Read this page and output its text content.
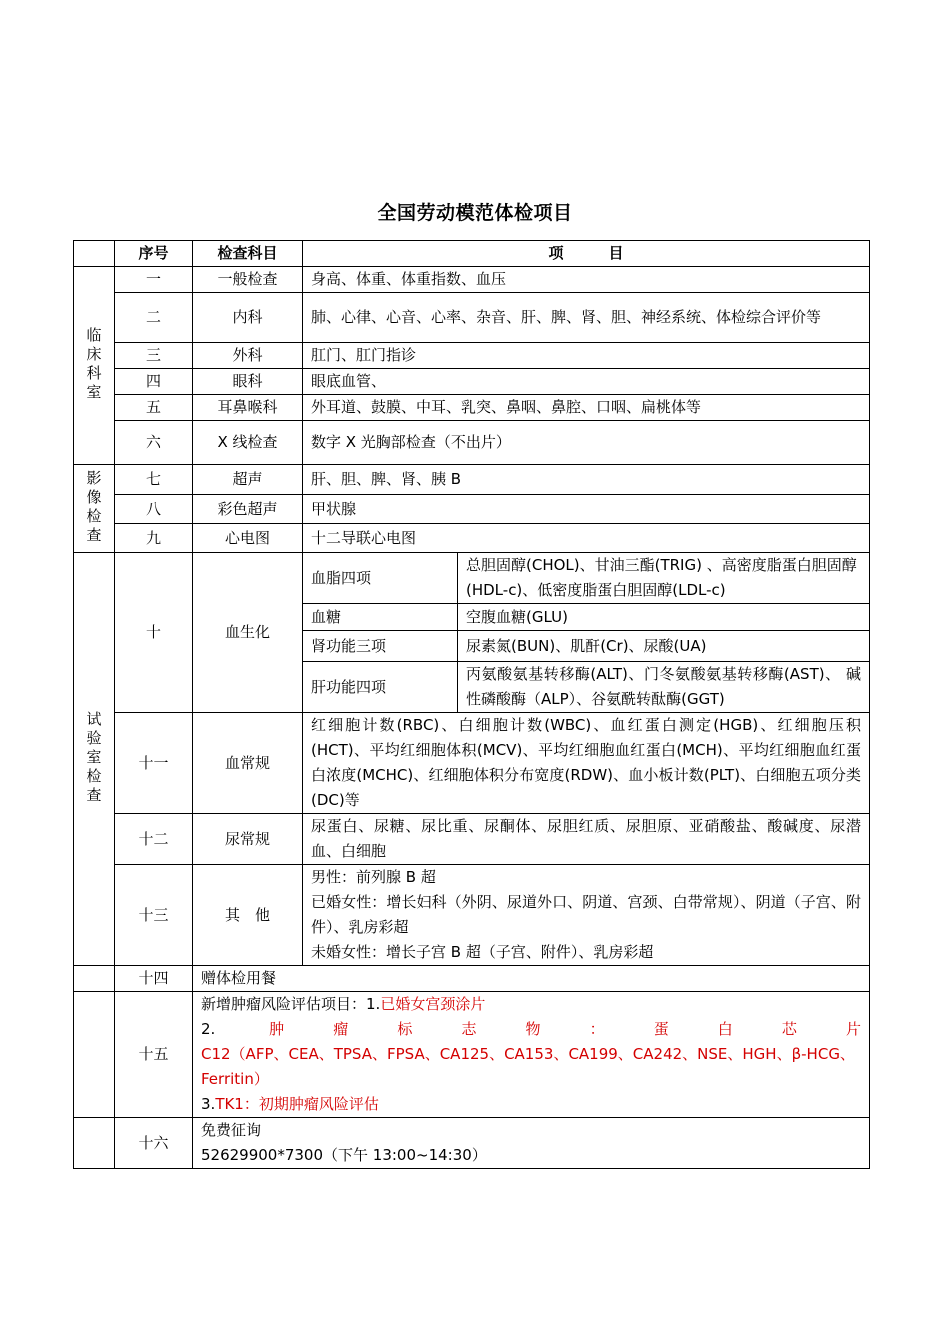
全国劳动模范体检项目
	序号	检查科目	项　　　目	
临床科室	一	一般检查	身高、体重、体重指数、血压	
	二	内科	肺、心律、心音、心率、杂音、肝、脾、肾、胆、神经系统、体检综合评价等	
	三	外科	肛门、肛门指诊	
	四	眼科	眼底血管、	
	五	耳鼻喉科	外耳道、鼓膜、中耳、乳突、鼻咽、鼻腔、口咽、扁桃体等	
	六	X 线检查	数字 X 光胸部检查（不出片）	
影像检查	七	超声	肝、胆、脾、肾、胰 B	
	八	彩色超声	甲状腺	
	九	心电图	十二导联心电图	
试验室检查	十	血生化	血脂四项	总胆固醇(CHOL)、甘油三酯(TRIG) 、高密度脂蛋白胆固醇(HDL-c)、低密度脂蛋白胆固醇(LDL-c)
			血糖	空腹血糖(GLU)
			肾功能三项	尿素氮(BUN)、肌酐(Cr)、尿酸(UA)
			肝功能四项	丙氨酸氨基转移酶(ALT)、门冬氨酸氨基转移酶(AST)、 碱性磷酸酶（ALP）、谷氨酰转酞酶(GGT)
	十一	血常规	红细胞计数(RBC)、白细胞计数(WBC)、血红蛋白测定(HGB)、红细胞压积(HCT)、平均红细胞体积(MCV)、平均红细胞血红蛋白(MCH)、平均红细胞血红蛋白浓度(MCHC)、红细胞体积分布宽度(RDW)、血小板计数(PLT)、白细胞五项分类(DC)等	
	十二	尿常规	尿蛋白、尿糖、尿比重、尿酮体、尿胆红质、尿胆原、亚硝酸盐、酸碱度、尿潜血、白细胞	
	十三	其　他	男性：前列腺 B 超
已婚女性：增长妇科（外阴、尿道外口、阴道、宫颈、白带常规）、阴道（子宫、附件）、乳房彩超
未婚女性：增长子宫 B 超（子宫、附件）、乳房彩超	

	十四	赠体检用餐		
	十五	新增肿瘤风险评估项目：1.已婚女宫颈涂片
2. 肿瘤标志物：蛋白芯片
C12（AFP、CEA、TPSA、FPSA、CA125、CA153、CA199、CA242、NSE、HGH、β-HCG、Ferritin）
3.TK1：初期肿瘤风险评估		

	十六	免费征询
52629900*7300（下午 13:00~14:30）		
